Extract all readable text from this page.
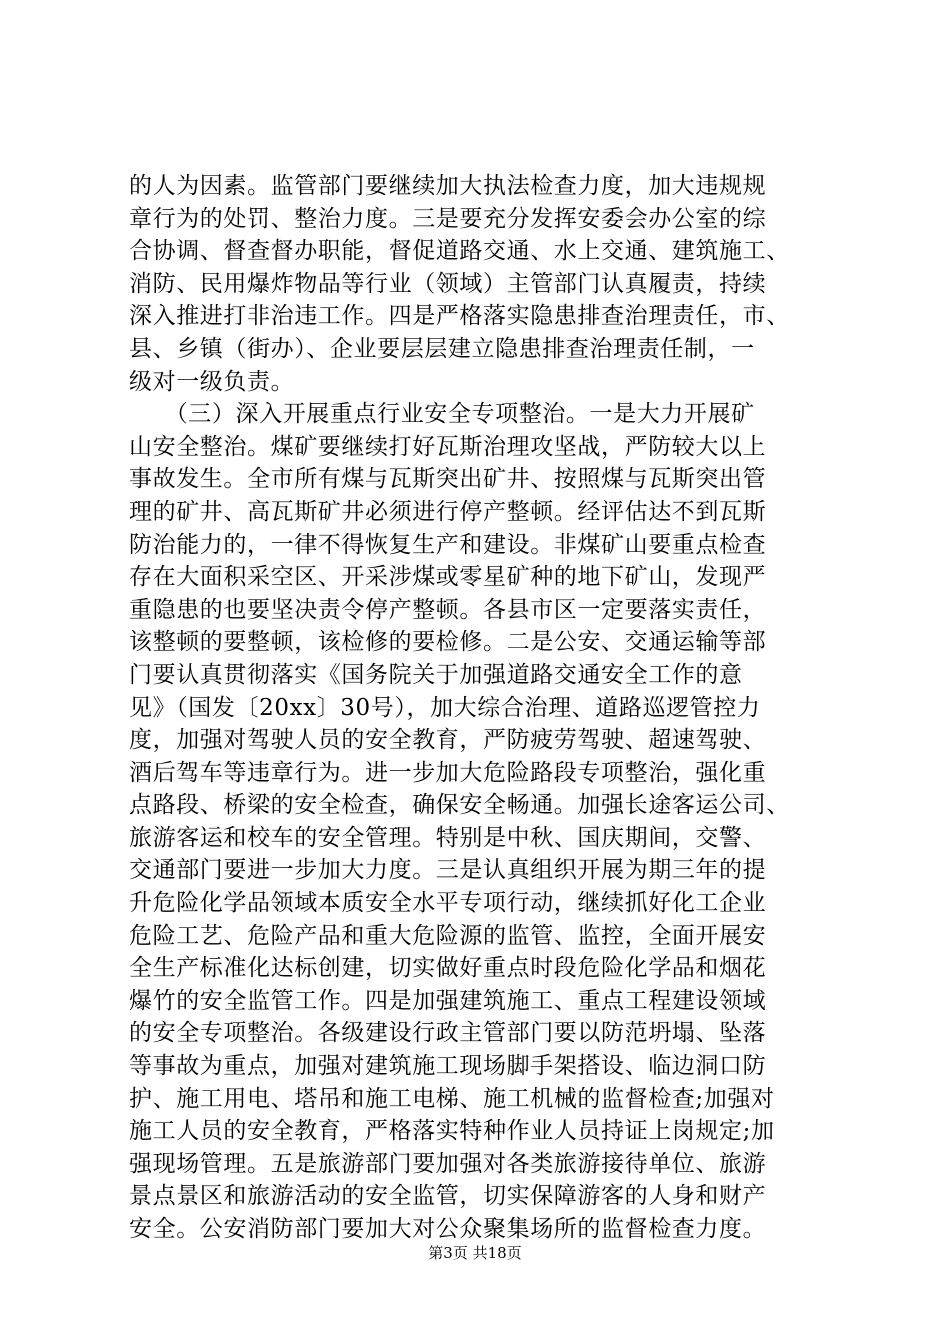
的人为因素。监管部门要继续加大执法检查力度，加大违规规
章行为的处罚、整治力度。三是要充分发挥安委会办公室的综
合协调、督查督办职能，督促道路交通、水上交通、建筑施工、
消防、民用爆炸物品等行业（领域）主管部门认真履责，持续
深入推进打非治违工作。四是严格落实隐患排查治理责任，市、
县、乡镇（街办）、企业要层层建立隐患排查治理责任制，一
级对一级负责。
　　（三）深入开展重点行业安全专项整治。一是大力开展矿
山安全整治。煤矿要继续打好瓦斯治理攻坚战，严防较大以上
事故发生。全市所有煤与瓦斯突出矿井、按照煤与瓦斯突出管
理的矿井、高瓦斯矿井必须进行停产整顿。经评估达不到瓦斯
防治能力的，一律不得恢复生产和建设。非煤矿山要重点检查
存在大面积采空区、开采涉煤或零星矿种的地下矿山，发现严
重隐患的也要坚决责令停产整顿。各县市区一定要落实责任，
该整顿的要整顿，该检修的要检修。二是公安、交通运输等部
门要认真贯彻落实《国务院关于加强道路交通安全工作的意
见》（国发〔20xx〕30号），加大综合治理、道路巡逻管控力
度，加强对驾驶人员的安全教育，严防疲劳驾驶、超速驾驶、
酒后驾车等违章行为。进一步加大危险路段专项整治，强化重
点路段、桥梁的安全检查，确保安全畅通。加强长途客运公司、
旅游客运和校车的安全管理。特别是中秋、国庆期间，交警、
交通部门要进一步加大力度。三是认真组织开展为期三年的提
升危险化学品领域本质安全水平专项行动，继续抓好化工企业
危险工艺、危险产品和重大危险源的监管、监控，全面开展安
全生产标准化达标创建，切实做好重点时段危险化学品和烟花
爆竹的安全监管工作。四是加强建筑施工、重点工程建设领域
的安全专项整治。各级建设行政主管部门要以防范坍塌、坠落
等事故为重点，加强对建筑施工现场脚手架搭设、临边洞口防
护、施工用电、塔吊和施工电梯、施工机械的监督检查;加强对
施工人员的安全教育，严格落实特种作业人员持证上岗规定;加
强现场管理。五是旅游部门要加强对各类旅游接待单位、旅游
景点景区和旅游活动的安全监管，切实保障游客的人身和财产
安全。公安消防部门要加大对公众聚集场所的监督检查力度。
第3页 共18页
